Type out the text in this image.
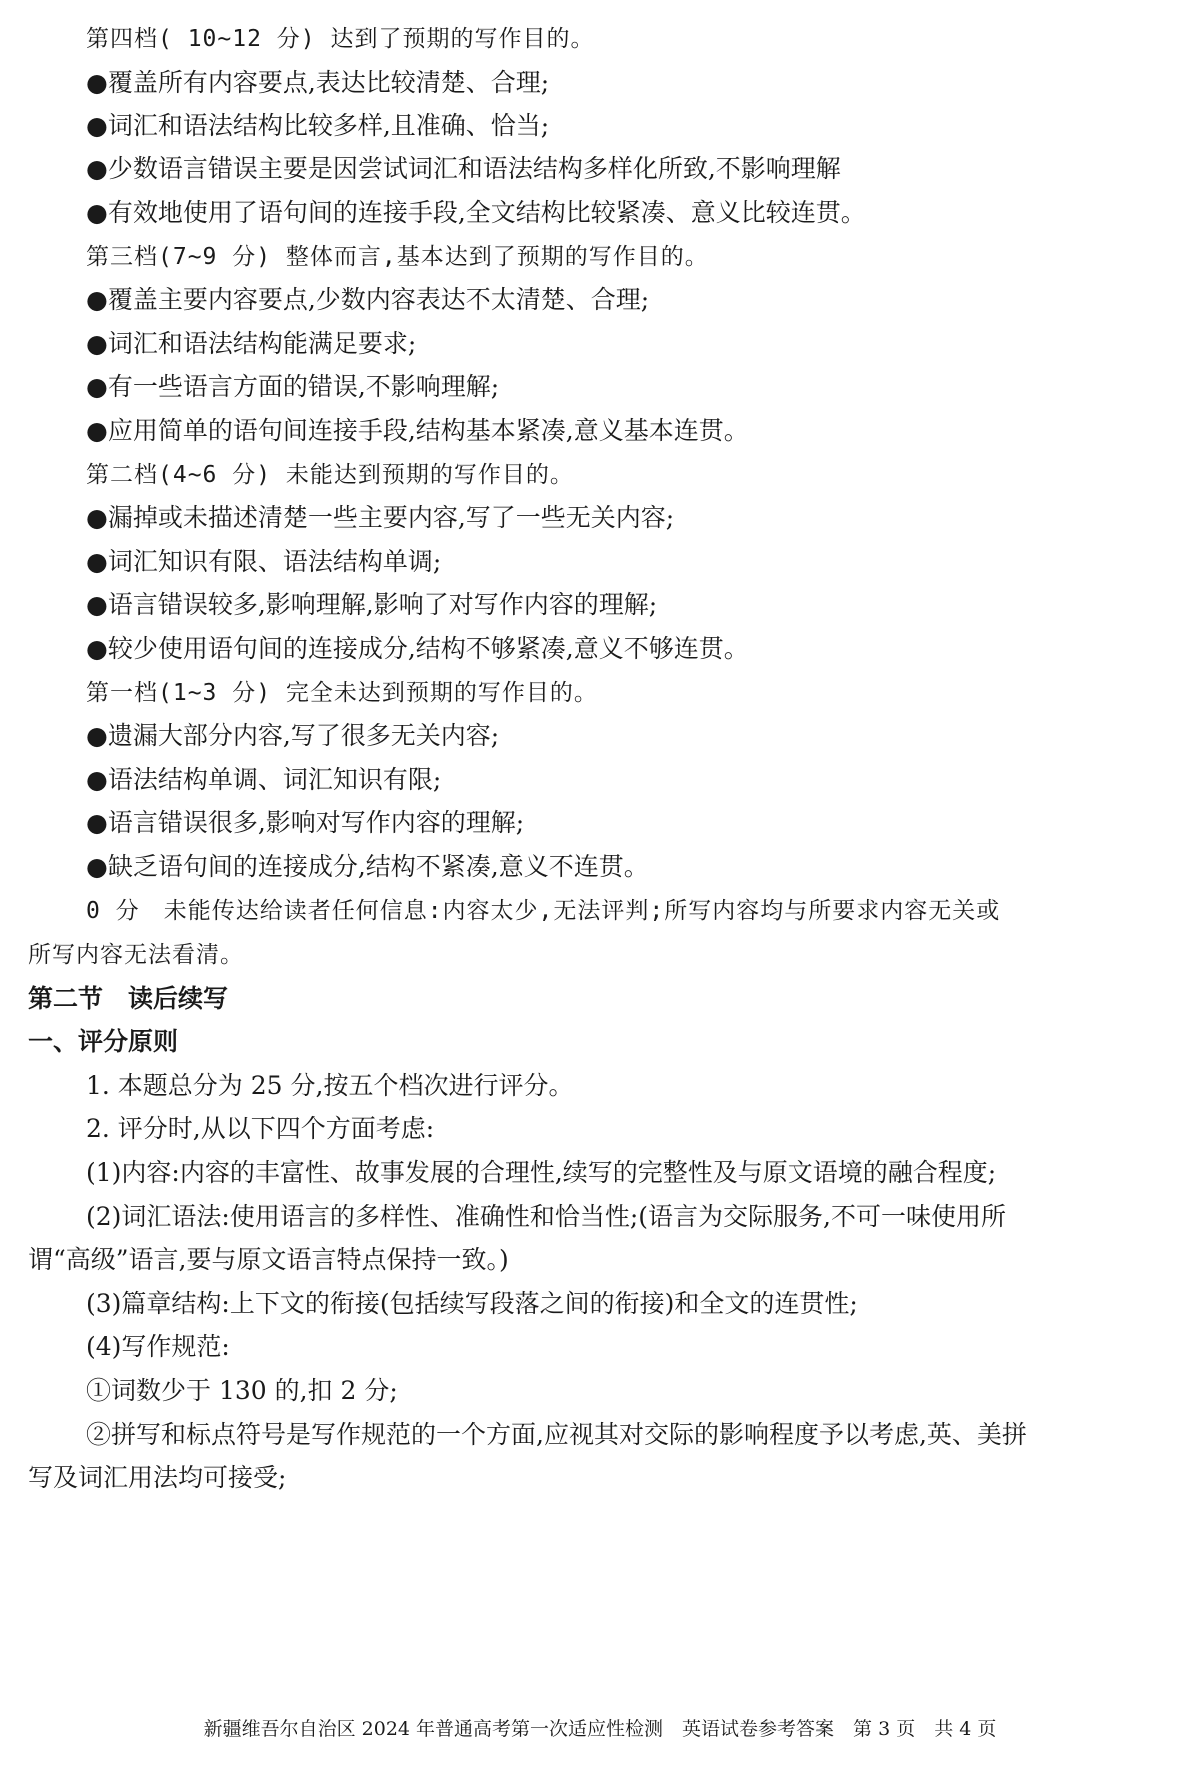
第四档( 10~12 分) 达到了预期的写作目的。
●覆盖所有内容要点,表达比较清楚、合理;
●词汇和语法结构比较多样,且准确、恰当;
●少数语言错误主要是因尝试词汇和语法结构多样化所致,不影响理解
●有效地使用了语句间的连接手段,全文结构比较紧凑、意义比较连贯。
第三档(7~9 分) 整体而言,基本达到了预期的写作目的。
●覆盖主要内容要点,少数内容表达不太清楚、合理;
●词汇和语法结构能满足要求;
●有一些语言方面的错误,不影响理解;
●应用简单的语句间连接手段,结构基本紧凑,意义基本连贯。
第二档(4~6 分) 未能达到预期的写作目的。
●漏掉或未描述清楚一些主要内容,写了一些无关内容;
●词汇知识有限、语法结构单调;
●语言错误较多,影响理解,影响了对写作内容的理解;
●较少使用语句间的连接成分,结构不够紧凑,意义不够连贯。
第一档(1~3 分) 完全未达到预期的写作目的。
●遗漏大部分内容,写了很多无关内容;
●语法结构单调、词汇知识有限;
●语言错误很多,影响对写作内容的理解;
●缺乏语句间的连接成分,结构不紧凑,意义不连贯。
0 分　未能传达给读者任何信息:内容太少,无法评判;所写内容均与所要求内容无关或
所写内容无法看清。
第二节　读后续写
一、评分原则
1. 本题总分为 25 分,按五个档次进行评分。
2. 评分时,从以下四个方面考虑:
(1)内容:内容的丰富性、故事发展的合理性,续写的完整性及与原文语境的融合程度;
(2)词汇语法:使用语言的多样性、准确性和恰当性;(语言为交际服务,不可一味使用所
谓“高级”语言,要与原文语言特点保持一致。)
(3)篇章结构:上下文的衔接(包括续写段落之间的衔接)和全文的连贯性;
(4)写作规范:
①词数少于 130 的,扣 2 分;
②拼写和标点符号是写作规范的一个方面,应视其对交际的影响程度予以考虑,英、美拼
写及词汇用法均可接受;
新疆维吾尔自治区 2024 年普通高考第一次适应性检测　英语试卷参考答案　第 3 页　共 4 页
